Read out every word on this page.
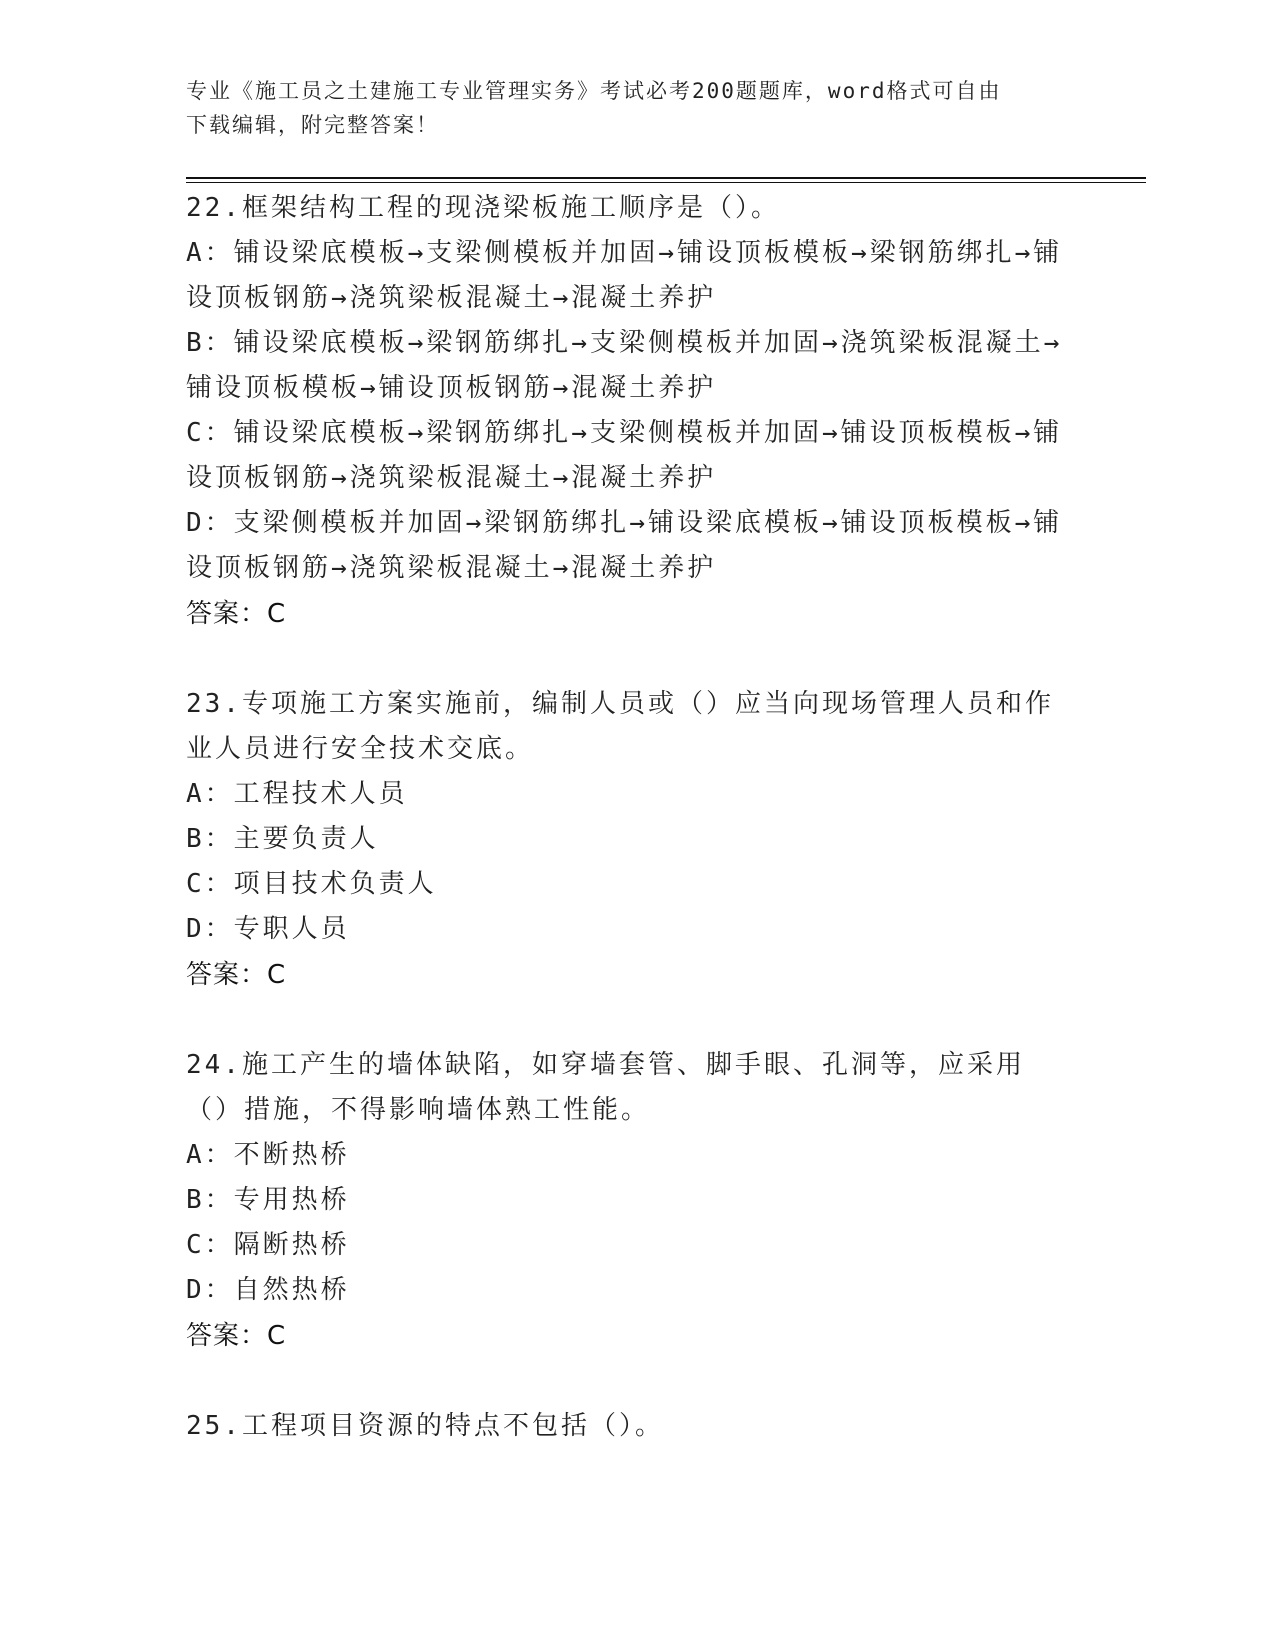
专业《施工员之土建施工专业管理实务》考试必考200题题库，word格式可自由
下载编辑，附完整答案！
22.框架结构工程的现浇梁板施工顺序是（）。
A：铺设梁底模板→支梁侧模板并加固→铺设顶板模板→梁钢筋绑扎→铺设顶板钢筋→浇筑梁板混凝土→混凝土养护
B：铺设梁底模板→梁钢筋绑扎→支梁侧模板并加固→浇筑梁板混凝土→铺设顶板模板→铺设顶板钢筋→混凝土养护
C：铺设梁底模板→梁钢筋绑扎→支梁侧模板并加固→铺设顶板模板→铺设顶板钢筋→浇筑梁板混凝土→混凝土养护
D：支梁侧模板并加固→梁钢筋绑扎→铺设梁底模板→铺设顶板模板→铺设顶板钢筋→浇筑梁板混凝土→混凝土养护
答案：C
23.专项施工方案实施前，编制人员或（）应当向现场管理人员和作业人员进行安全技术交底。
A：工程技术人员
B：主要负责人
C：项目技术负责人
D：专职人员
答案：C
24.施工产生的墙体缺陷，如穿墙套管、脚手眼、孔洞等，应采用（）措施，不得影响墙体熟工性能。
A：不断热桥
B：专用热桥
C：隔断热桥
D：自然热桥
答案：C
25.工程项目资源的特点不包括（）。
